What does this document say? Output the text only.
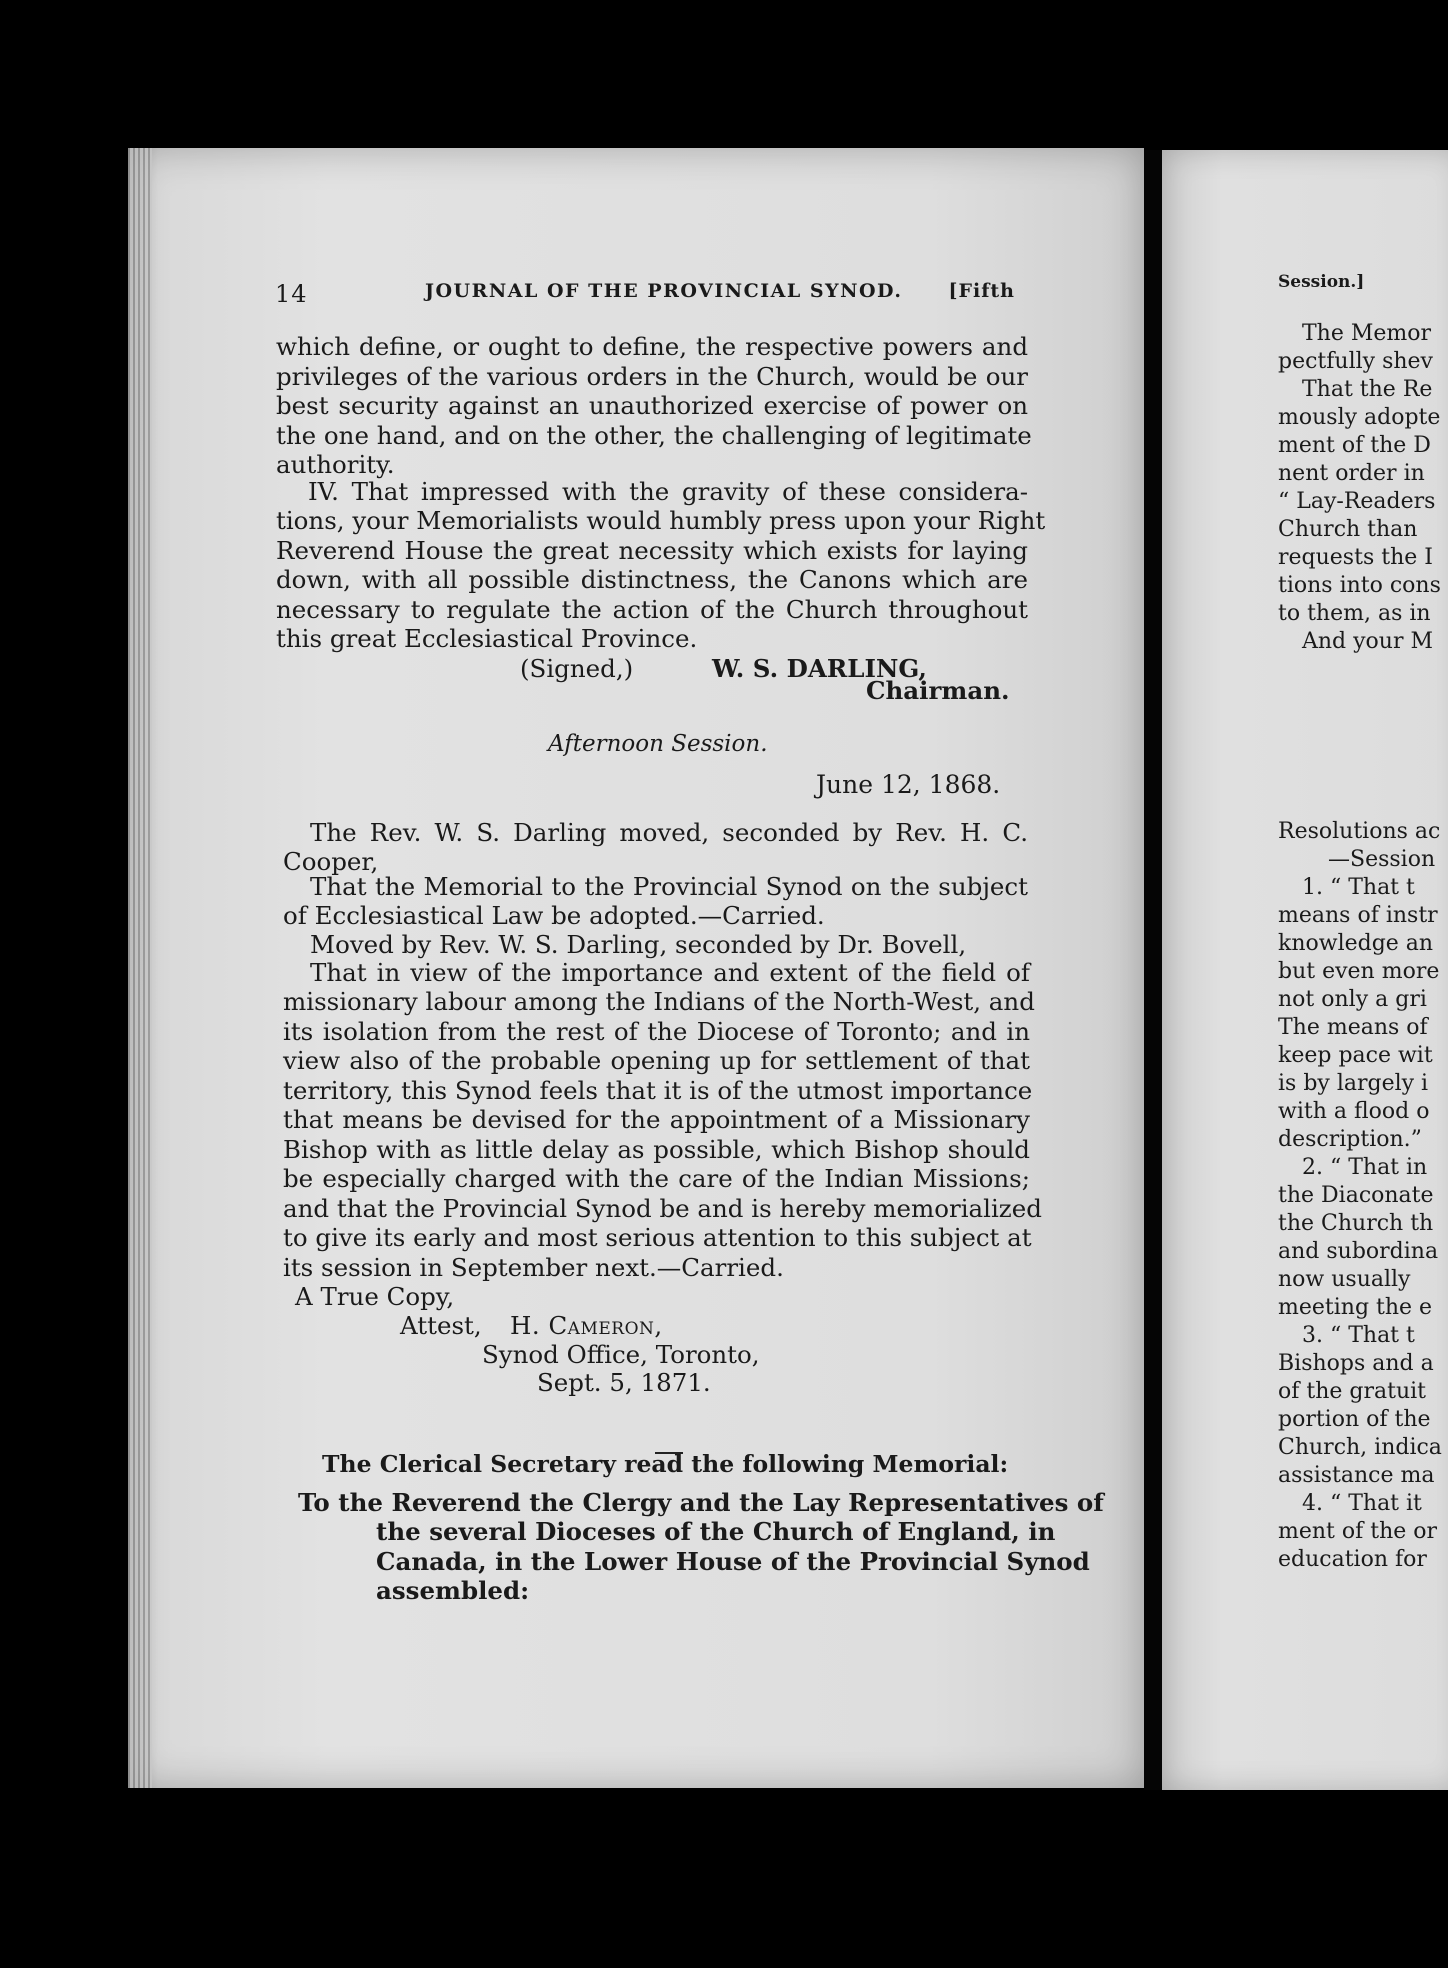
14	JOURNAL OF THE PROVINCIAL SYNOD. [Fifth
which define, or ought to define, the respective powers and
privileges of the various orders in the Church, would be our
best security against an unauthorized exercise of power on
the one hand, and on the other, the challenging of legitimate
authority.
IV. That impressed with the gravity of these considera-
tions, your Memorialists would humbly press upon your Right
Reverend House the great necessity which exists for laying
down, with all possible distinctness, the Canons which are
necessary to regulate the action of the Church throughout
this great Ecclesiastical Province.
(Signed,)	W. S. DARLING,
Chairman.
Afternoon Session.
June 12, 1868.
The Rev. W. S. Darling moved, seconded by Rev. H. C.
Cooper,
That the Memorial to the Provincial Synod on the subject
of Ecclesiastical Law be adopted.—Carried.
Moved by Rev. W. S. Darling, seconded by Dr. Bovell,
That in view of the importance and extent of the field of
missionary labour among the Indians of the North-West, and
its isolation from the rest of the Diocese of Toronto; and in
view also of the probable opening up for settlement of that
territory, this Synod feels that it is of the utmost importance
that means be devised for the appointment of a Missionary
Bishop with as little delay as possible, which Bishop should
be especially charged with the care of the Indian Missions;
and that the Provincial Synod be and is hereby memorialized
to give its early and most serious attention to this subject at
its session in September next.—Carried.
A True Copy,
Attest, H. Cameron,
Synod Office, Toronto,
Sept. 5, 1871.
The Clerical Secretary read the following Memorial:
To the Reverend the Clergy and the Lay Representatives of
the several Dioceses of the Church of England, in
Canada, in the Lower House of the Provincial Synod
assembled:
Session.]
The Memor
pectfully shev
That the Re
mously adopte
ment of the D
nent order in
“ Lay-Readers
Church than
requests the I
tions into cons
to them, as in
And your M
Resolutions ac
—Session
1. “ That t
means of instr
knowledge an
but even more
not only a gri
The means of
keep pace wit
is by largely i
with a flood o
description.”
2. “ That in
the Diaconate
the Church th
and subordina
now usually
meeting the e
3. “ That t
Bishops and a
of the gratuit
portion of the
Church, indica
assistance ma
4. “ That it
ment of the or
education for
